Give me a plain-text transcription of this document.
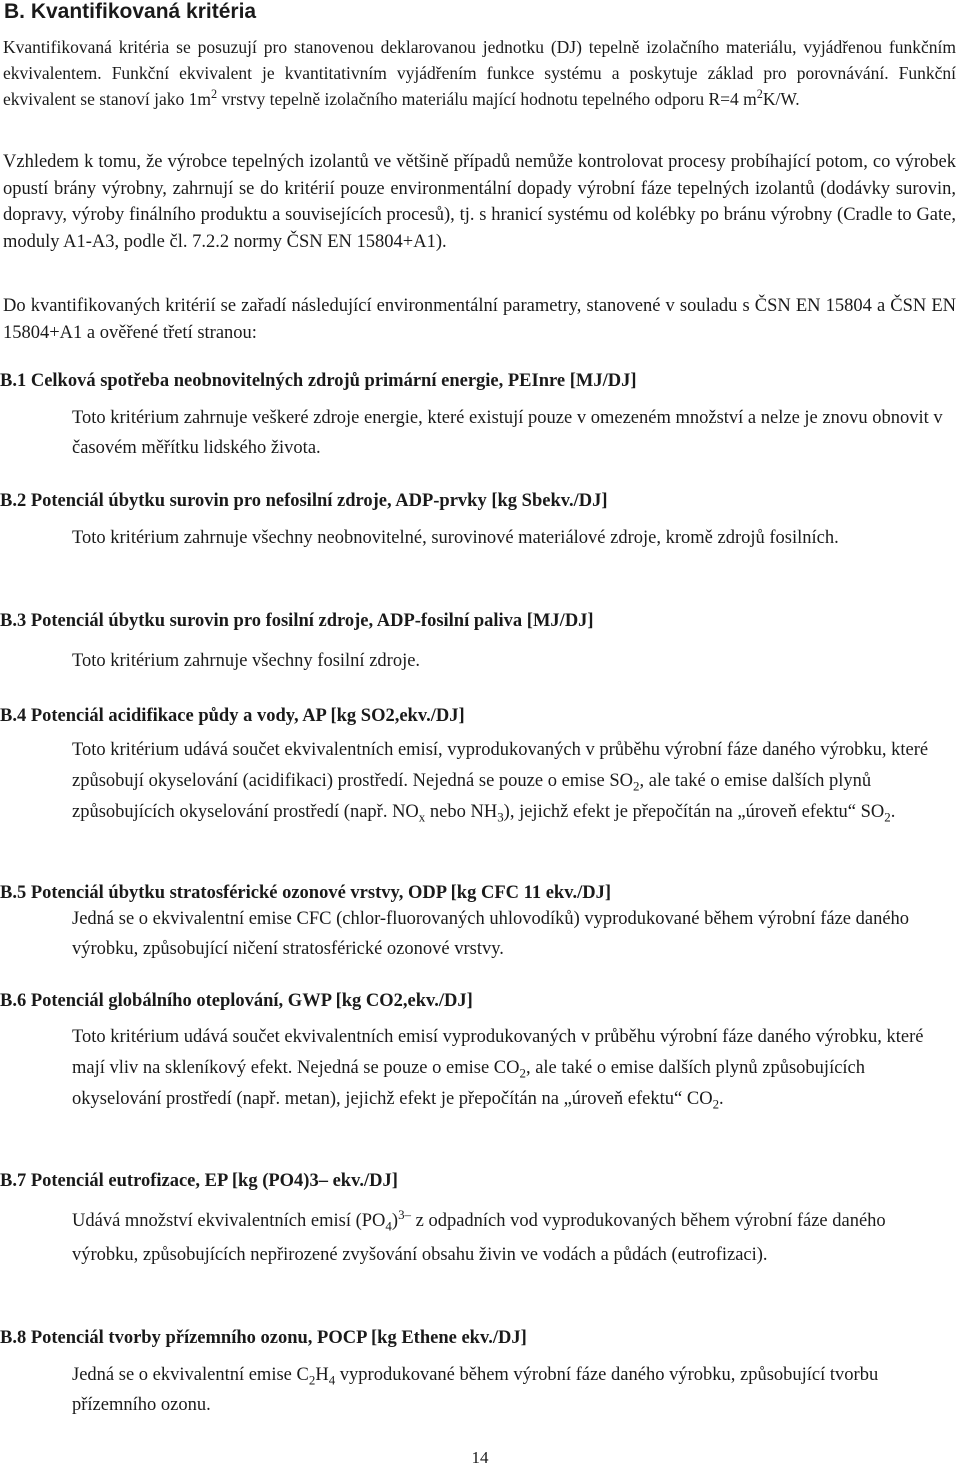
B. Kvantifikovaná kritéria

Kvantifikovaná kritéria se posuzují pro stanovenou deklarovanou jednotku (DJ) tepelně izolačního materiálu, vyjádřenou funkčním ekvivalentem. Funkční ekvivalent je kvantitativním vyjádřením funkce systému a poskytuje základ pro porovnávání. Funkční ekvivalent se stanoví jako $1m^2$ vrstvy tepelně izolačního materiálu mající hodnotu tepelného odporu R=4 $m^2K/W$.

Vzhledem k tomu, že výrobce tepelných izolantů ve většině případů nemůže kontrolovat procesy probíhající potom, co výrobek opustí brány výrobny, zahrnují se do kritérií pouze environmentální dopady výrobní fáze tepelných izolantů (dodávky surovin, dopravy, výroby finálního produktu a souvisejících procesů), tj. s hranicí systému od kolébky po bránu výrobny (Cradle to Gate, moduly A1-A3, podle čl. 7.2.2 normy ČSN EN 15804+A1).

Do kvantifikovaných kritérií se zařadí následující environmentální parametry, stanovené v souladu s ČSN EN 15804 a ČSN EN 15804+A1 a ověřené třetí stranou:

B.1 Celková spotřeba neobnovitelných zdrojů primární energie, PEInre [MJ/DJ]

Toto kritérium zahrnuje veškeré zdroje energie, které existují pouze v omezeném množství a nelze je znovu obnovit v časovém měřítku lidského života.

B.2 Potenciál úbytku surovin pro nefosilní zdroje, ADP-prvky [kg Sbekv./DJ]

Toto kritérium zahrnuje všechny neobnovitelné, surovinové materiálové zdroje, kromě zdrojů fosilních.

B.3 Potenciál úbytku surovin pro fosilní zdroje, ADP-fosilní paliva [MJ/DJ]

Toto kritérium zahrnuje všechny fosilní zdroje.

B.4 Potenciál acidifikace půdy a vody, AP [kg SO2,ekv./DJ]

Toto kritérium udává součet ekvivalentních emisí, vyprodukovaných v průběhu výrobní fáze daného výrobku, které způsobují okyselování (acidifikaci) prostředí. Nejedná se pouze o emise $SO_2$, ale také o emise dalších plynů způsobujících okyselování prostředí (např. $NO_x$ nebo $NH_3$), jejichž efekt je přepočítán na „úroveň efektu“ $SO_2$.

B.5 Potenciál úbytku stratosférické ozonové vrstvy, ODP [kg CFC 11 ekv./DJ]

Jedná se o ekvivalentní emise CFC (chlor-fluorovaných uhlovodíků) vyprodukované během výrobní fáze daného výrobku, způsobující ničení stratosférické ozonové vrstvy.

B.6 Potenciál globálního oteplování, GWP [kg CO2,ekv./DJ]

Toto kritérium udává součet ekvivalentních emisí vyprodukovaných v průběhu výrobní fáze daného výrobku, které mají vliv na skleníkový efekt. Nejedná se pouze o emise $CO_2$, ale také o emise dalších plynů způsobujících okyselování prostředí (např. metan), jejichž efekt je přepočítán na „úroveň efektu“ $CO_2$.

B.7 Potenciál eutrofizace, EP [kg (PO4)3– ekv./DJ]

Udává množství ekvivalentních emisí $(PO_4)^{3-}$ z odpadních vod vyprodukovaných během výrobní fáze daného výrobku, způsobujících nepřirozené zvyšování obsahu živin ve vodách a půdách (eutrofizaci).

B.8 Potenciál tvorby přízemního ozonu, POCP [kg Ethene ekv./DJ]

Jedná se o ekvivalentní emise $C_2H_4$ vyprodukované během výrobní fáze daného výrobku, způsobující tvorbu přízemního ozonu.

14
